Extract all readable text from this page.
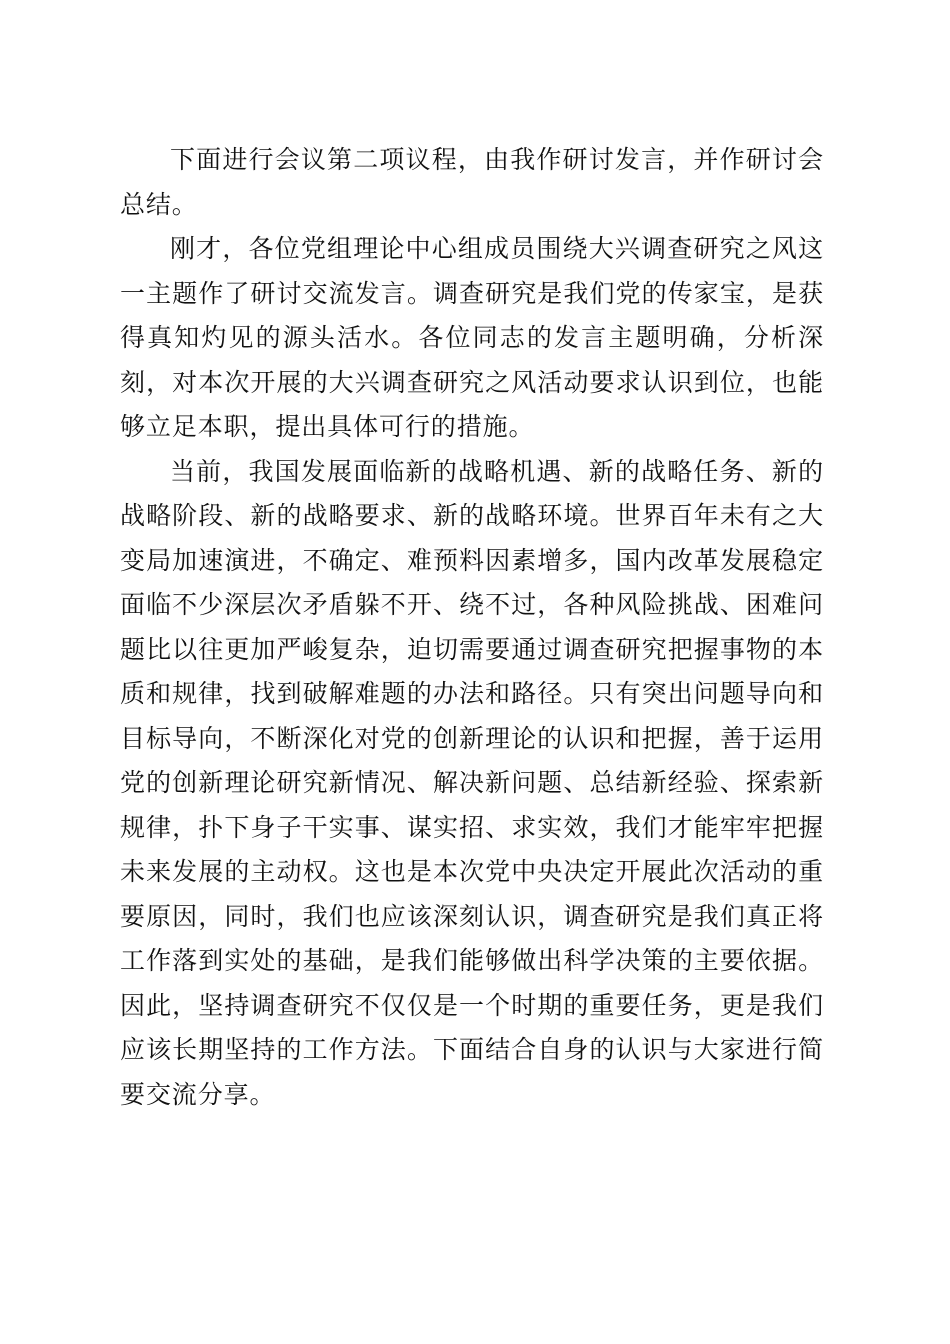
下面进行会议第二项议程，由我作研讨发言，并作研讨会总结。

刚才，各位党组理论中心组成员围绕大兴调查研究之风这一主题作了研讨交流发言。调查研究是我们党的传家宝，是获得真知灼见的源头活水。各位同志的发言主题明确，分析深刻，对本次开展的大兴调查研究之风活动要求认识到位，也能够立足本职，提出具体可行的措施。

当前，我国发展面临新的战略机遇、新的战略任务、新的战略阶段、新的战略要求、新的战略环境。世界百年未有之大变局加速演进，不确定、难预料因素增多，国内改革发展稳定面临不少深层次矛盾躲不开、绕不过，各种风险挑战、困难问题比以往更加严峻复杂，迫切需要通过调查研究把握事物的本质和规律，找到破解难题的办法和路径。只有突出问题导向和目标导向，不断深化对党的创新理论的认识和把握，善于运用党的创新理论研究新情况、解决新问题、总结新经验、探索新规律，扑下身子干实事、谋实招、求实效，我们才能牢牢把握未来发展的主动权。这也是本次党中央决定开展此次活动的重要原因，同时，我们也应该深刻认识，调查研究是我们真正将工作落到实处的基础，是我们能够做出科学决策的主要依据。因此，坚持调查研究不仅仅是一个时期的重要任务，更是我们应该长期坚持的工作方法。下面结合自身的认识与大家进行简要交流分享。
